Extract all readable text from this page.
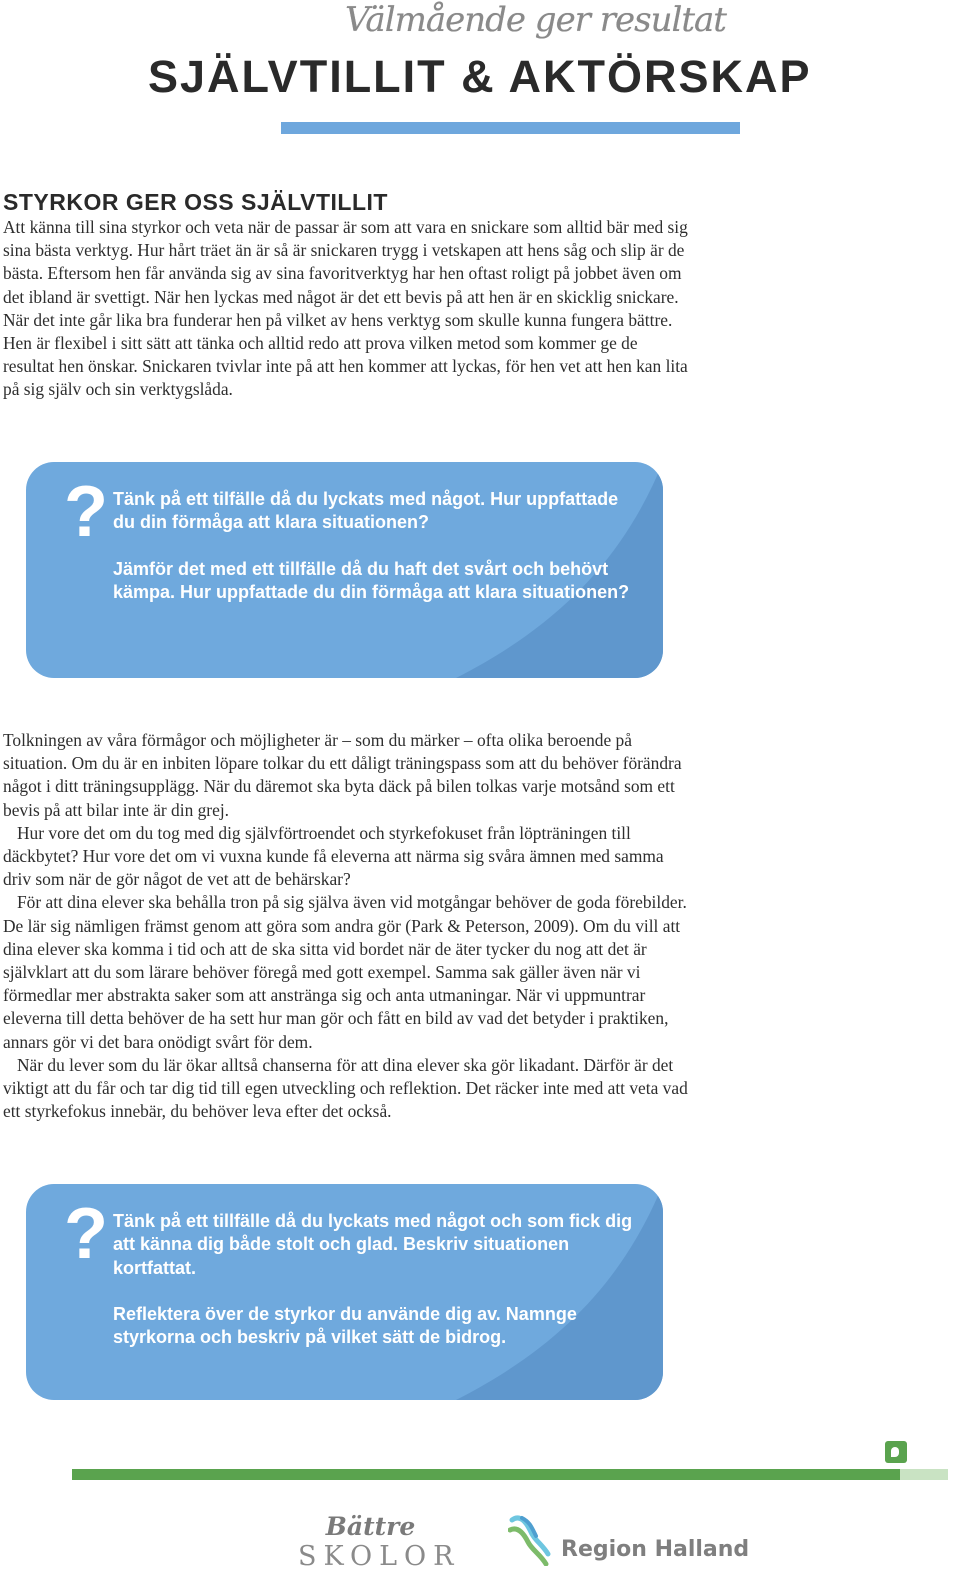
Välmående ger resultat
SJÄLVTILLIT & AKTÖRSKAP
STYRKOR GER OSS SJÄLVTILLIT

Att känna till sina styrkor och veta när de passar är som att vara en snickare som alltid bär med sig sina bästa verktyg. Hur hårt träet än är så är snickaren trygg i vetskapen att hens såg och slip är de bästa. Eftersom hen får använda sig av sina favoritverktyg har hen oftast roligt på jobbet även om det ibland är svettigt. När hen lyckas med något är det ett bevis på att hen är en skicklig snickare. När det inte går lika bra funderar hen på vilket av hens verktyg som skulle kunna fungera bättre. Hen är flexibel i sitt sätt att tänka och alltid redo att prova vilken metod som kommer ge de resultat hen önskar. Snickaren tvivlar inte på att hen kommer att lyckas, för hen vet att hen kan lita på sig själv och sin verktygslåda.

? Tänk på ett tilfälle då du lyckats med något. Hur uppfattade du din förmåga att klara situationen?

Jämför det med ett tillfälle då du haft det svårt och behövt kämpa. Hur uppfattade du din förmåga att klara situationen?

Tolkningen av våra förmågor och möjligheter är – som du märker – ofta olika beroende på situation. Om du är en inbiten löpare tolkar du ett dåligt träningspass som att du behöver förändra något i ditt träningsupplägg. När du däremot ska byta däck på bilen tolkas varje motsånd som ett bevis på att bilar inte är din grej.

Hur vore det om du tog med dig självförtroendet och styrkefokuset från löpträningen till däckbytet? Hur vore det om vi vuxna kunde få eleverna att närma sig svåra ämnen med samma driv som när de gör något de vet att de behärskar?

För att dina elever ska behålla tron på sig själva även vid motgångar behöver de goda förebilder. De lär sig nämligen främst genom att göra som andra gör (Park & Peterson, 2009). Om du vill att dina elever ska komma i tid och att de ska sitta vid bordet när de äter tycker du nog att det är självklart att du som lärare behöver föregå med gott exempel. Samma sak gäller även när vi förmedlar mer abstrakta saker som att anstränga sig och anta utmaningar. När vi uppmuntrar eleverna till detta behöver de ha sett hur man gör och fått en bild av vad det betyder i praktiken, annars gör vi det bara onödigt svårt för dem.

När du lever som du lär ökar alltså chanserna för att dina elever ska gör likadant. Därför är det viktigt att du får och tar dig tid till egen utveckling och reflektion. Det räcker inte med att veta vad ett styrkefokus innebär, du behöver leva efter det också.

? Tänk på ett tillfälle då du lyckats med något och som fick dig att känna dig både stolt och glad. Beskriv situationen kortfattat.

Reflektera över de styrkor du använde dig av. Namnge styrkorna och beskriv på vilket sätt de bidrog.

Bättre
SKOLOR	Region Halland
